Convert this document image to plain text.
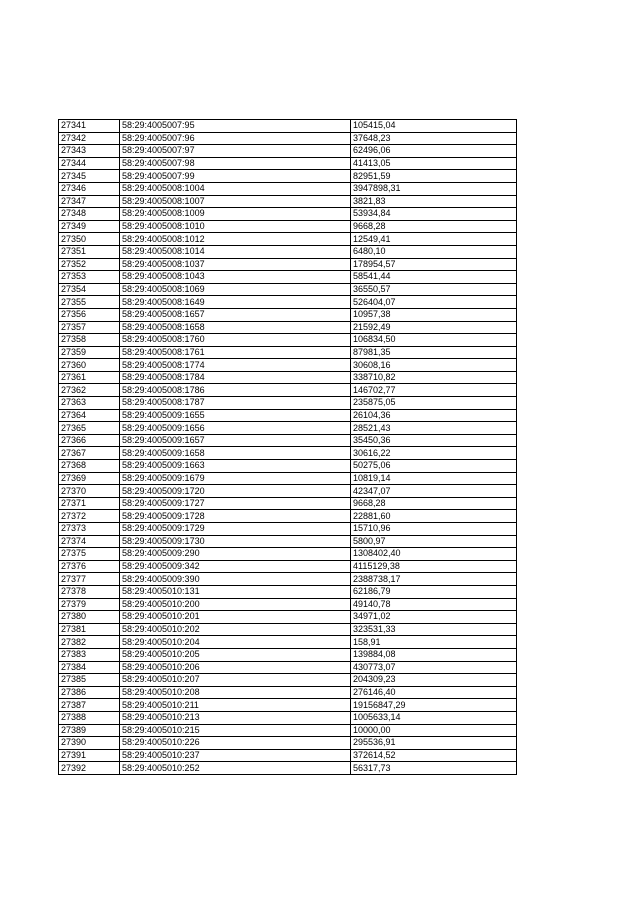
27341	58:29:4005007:95	105415,04
27342	58:29:4005007:96	37648,23
27343	58:29:4005007:97	62496,06
27344	58:29:4005007:98	41413,05
27345	58:29:4005007:99	82951,59
27346	58:29:4005008:1004	3947898,31
27347	58:29:4005008:1007	3821,83
27348	58:29:4005008:1009	53934,84
27349	58:29:4005008:1010	9668,28
27350	58:29:4005008:1012	12549,41
27351	58:29:4005008:1014	6480,10
27352	58:29:4005008:1037	178954,57
27353	58:29:4005008:1043	58541,44
27354	58:29:4005008:1069	36550,57
27355	58:29:4005008:1649	526404,07
27356	58:29:4005008:1657	10957,38
27357	58:29:4005008:1658	21592,49
27358	58:29:4005008:1760	106834,50
27359	58:29:4005008:1761	87981,35
27360	58:29:4005008:1774	30608,16
27361	58:29:4005008:1784	338710,82
27362	58:29:4005008:1786	146702,77
27363	58:29:4005008:1787	235875,05
27364	58:29:4005009:1655	26104,36
27365	58:29:4005009:1656	28521,43
27366	58:29:4005009:1657	35450,36
27367	58:29:4005009:1658	30616,22
27368	58:29:4005009:1663	50275,06
27369	58:29:4005009:1679	10819,14
27370	58:29:4005009:1720	42347,07
27371	58:29:4005009:1727	9668,28
27372	58:29:4005009:1728	22881,60
27373	58:29:4005009:1729	15710,96
27374	58:29:4005009:1730	5800,97
27375	58:29:4005009:290	1308402,40
27376	58:29:4005009:342	4115129,38
27377	58:29:4005009:390	2388738,17
27378	58:29:4005010:131	62186,79
27379	58:29:4005010:200	49140,78
27380	58:29:4005010:201	34971,02
27381	58:29:4005010:202	323531,33
27382	58:29:4005010:204	158,91
27383	58:29:4005010:205	139884,08
27384	58:29:4005010:206	430773,07
27385	58:29:4005010:207	204309,23
27386	58:29:4005010:208	276146,40
27387	58:29:4005010:211	19156847,29
27388	58:29:4005010:213	1005633,14
27389	58:29:4005010:215	10000,00
27390	58:29:4005010:226	295536,91
27391	58:29:4005010:237	372614,52
27392	58:29:4005010:252	56317,73
